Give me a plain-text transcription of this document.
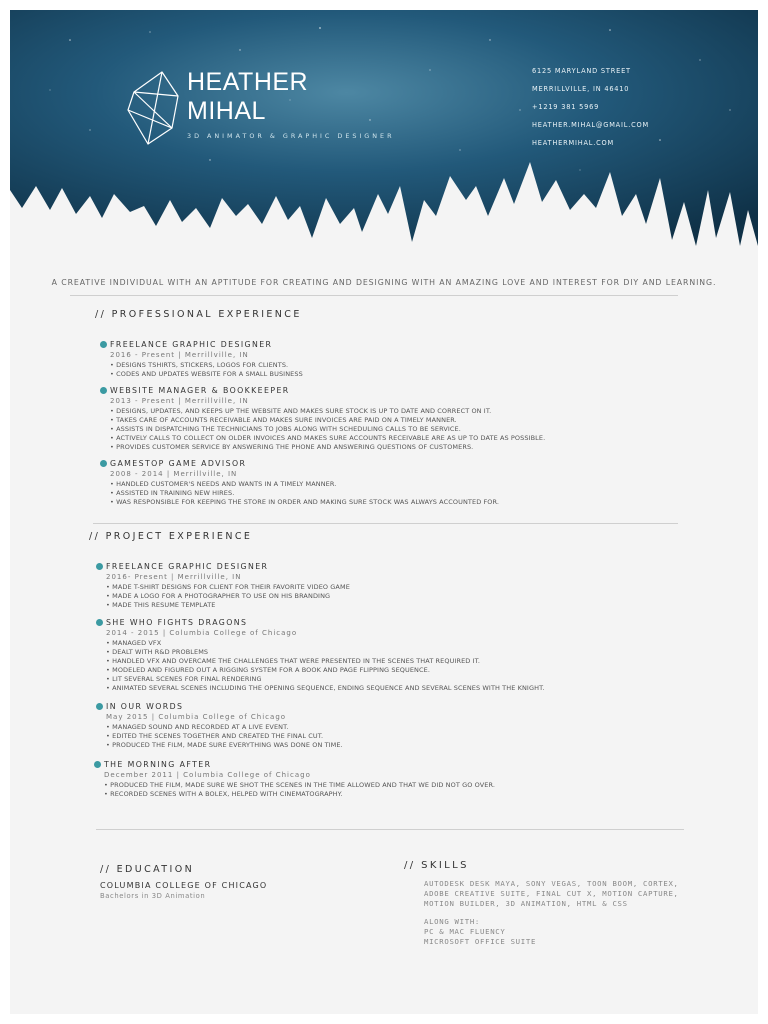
HEATHER
MIHAL
3D ANIMATOR & GRAPHIC DESIGNER
6125 MARYLAND STREET
MERRILLVILLE, IN 46410
+1219 381 5969
HEATHER.MIHAL@GMAIL.COM
HEATHERMIHAL.COM
A CREATIVE INDIVIDUAL WITH AN APTITUDE FOR CREATING AND DESIGNING WITH AN AMAZING LOVE AND INTEREST FOR DIY AND LEARNING.
// PROFESSIONAL EXPERIENCE
FREELANCE GRAPHIC DESIGNER
2016 - Present | Merrillville, IN
• DESIGNS TSHIRTS, STICKERS, LOGOS FOR CLIENTS.
• CODES AND UPDATES WEBSITE FOR A SMALL BUSINESS
WEBSITE MANAGER & BOOKKEEPER
2013 - Present | Merrillville, IN
• DESIGNS, UPDATES, AND KEEPS UP THE WEBSITE AND MAKES SURE STOCK IS UP TO DATE AND CORRECT ON IT.
• TAKES CARE OF ACCOUNTS RECEIVABLE AND MAKES SURE INVOICES ARE PAID ON A TIMELY MANNER.
• ASSISTS IN DISPATCHING THE TECHNICIANS TO JOBS ALONG WITH SCHEDULING CALLS TO BE SERVICE.
• ACTIVELY CALLS TO COLLECT ON OLDER INVOICES AND MAKES SURE ACCOUNTS RECEIVABLE ARE AS UP TO DATE AS POSSIBLE.
• PROVIDES CUSTOMER SERVICE BY ANSWERING THE PHONE AND ANSWERING QUESTIONS OF CUSTOMERS.
GAMESTOP GAME ADVISOR
2008 - 2014 | Merrillville, IN
• HANDLED CUSTOMER'S NEEDS AND WANTS IN A TIMELY MANNER.
• ASSISTED IN TRAINING NEW HIRES.
• WAS RESPONSIBLE FOR KEEPING THE STORE IN ORDER AND MAKING SURE STOCK WAS ALWAYS ACCOUNTED FOR.
// PROJECT EXPERIENCE
FREELANCE GRAPHIC DESIGNER
2016- Present | Merrillville, IN
• MADE T-SHIRT DESIGNS FOR CLIENT FOR THEIR FAVORITE VIDEO GAME
• MADE A LOGO FOR A PHOTOGRAPHER TO USE ON HIS BRANDING
• MADE THIS RESUME TEMPLATE
SHE WHO FIGHTS DRAGONS
2014 - 2015 | Columbia College of Chicago
• MANAGED VFX
• DEALT WITH R&D PROBLEMS
• HANDLED VFX AND OVERCAME THE CHALLENGES THAT WERE PRESENTED IN THE SCENES THAT REQUIRED IT.
• MODELED AND FIGURED OUT A RIGGING SYSTEM FOR A BOOK AND PAGE FLIPPING SEQUENCE.
• LIT SEVERAL SCENES FOR FINAL RENDERING
• ANIMATED SEVERAL SCENES INCLUDING THE OPENING SEQUENCE, ENDING SEQUENCE AND SEVERAL SCENES WITH THE KNIGHT.
IN OUR WORDS
May 2015 | Columbia College of Chicago
• MANAGED SOUND AND RECORDED AT A LIVE EVENT.
• EDITED THE SCENES TOGETHER AND CREATED THE FINAL CUT.
• PRODUCED THE FILM, MADE SURE EVERYTHING WAS DONE ON TIME.
THE MORNING AFTER
December 2011 | Columbia College of Chicago
• PRODUCED THE FILM, MADE SURE WE SHOT THE SCENES IN THE TIME ALLOWED AND THAT WE DID NOT GO OVER.
• RECORDED SCENES WITH A BOLEX, HELPED WITH CINEMATOGRAPHY.
// EDUCATION
COLUMBIA COLLEGE OF CHICAGO
Bachelors in 3D Animation
// SKILLS
AUTODESK DESK MAYA, SONY VEGAS, TOON BOOM, CORTEX,
ADOBE CREATIVE SUITE, FINAL CUT X, MOTION CAPTURE,
MOTION BUILDER, 3D ANIMATION, HTML & CSS
ALONG WITH:
PC & MAC FLUENCY
MICROSOFT OFFICE SUITE
